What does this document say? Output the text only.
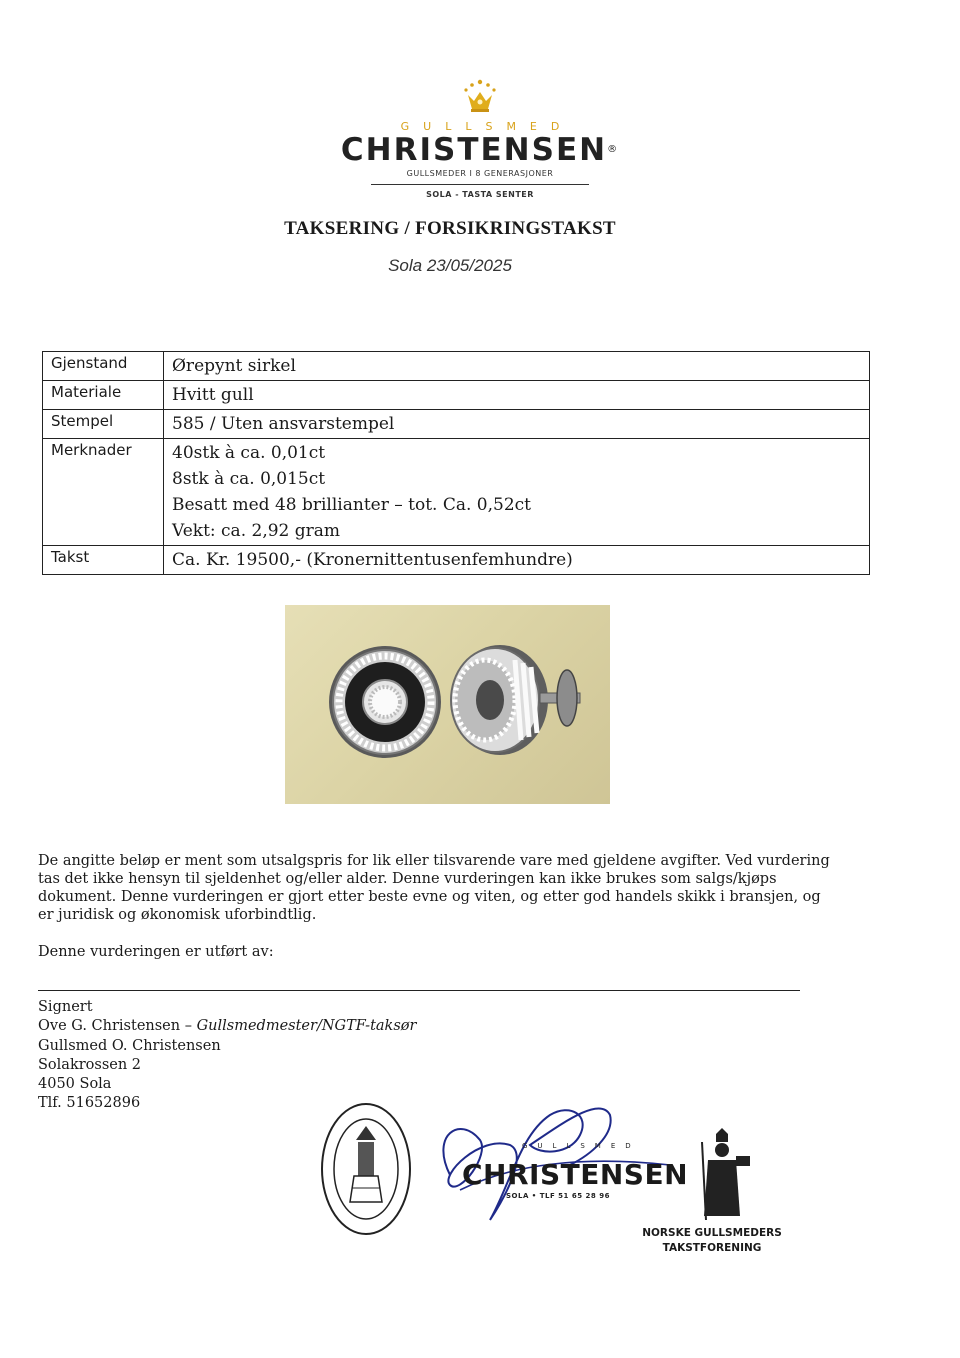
GULLSMED
CHRISTENSEN®
GULLSMEDER I 8 GENERASJONER
SOLA - TASTA SENTER
TAKSERING / FORSIKRINGSTAKST
Sola 23/05/2025
Gjenstand	Ørepynt sirkel

Materiale	Hvitt gull

Stempel	585 / Uten ansvarstempel

Merknader	40stk à ca. 0,01ct
8stk à ca. 0,015ct
Besatt med 48 brillianter – tot. Ca. 0,52ct
Vekt: ca. 2,92 gram

Takst	Ca. Kr. 19500,- (Kronernittentusenfemhundre)
De angitte beløp er ment som utsalgspris for lik eller tilsvarende vare med gjeldene avgifter. Ved vurdering tas det ikke hensyn til sjeldenhet og/eller alder. Denne vurderingen kan ikke brukes som salgs/kjøps dokument. Denne vurderingen er gjort etter beste evne og viten, og etter god handels skikk i bransjen, og er juridisk og økonomisk uforbindtlig.
Denne vurderingen er utført av:
Signert
Ove G. Christensen – Gullsmedmester/NGTF-taksør
Gullsmed O. Christensen
Solakrossen 2
4050 Sola
Tlf. 51652896
GULLSMED
CHRISTENSEN
SOLA • TLF 51 65 28 96
NORSKE GULLSMEDERS
TAKSTFORENING
